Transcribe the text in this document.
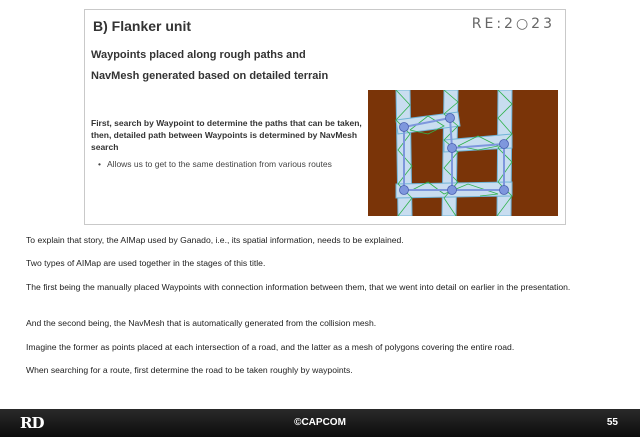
B) Flanker unit	RE:2○23
Waypoints placed along rough paths and
NavMesh generated based on detailed terrain
First, search by Waypoint to determine the paths that can be taken, then, detailed path between Waypoints is determined by NavMesh search
• Allows us to get to the same destination from various routes
To explain that story, the AIMap used by Ganado, i.e., its spatial information, needs to be explained.
Two types of AIMap are used together in the stages of this title.
The first being the manually placed Waypoints with connection information between them, that we went into detail on earlier in the presentation.
And the second being, the NavMesh that is automatically generated from the collision mesh.
Imagine the former as points placed at each intersection of a road, and the latter as a mesh of polygons covering the entire road.
When searching for a route, first determine the road to be taken roughly by waypoints.
RD	©CAPCOM	55
